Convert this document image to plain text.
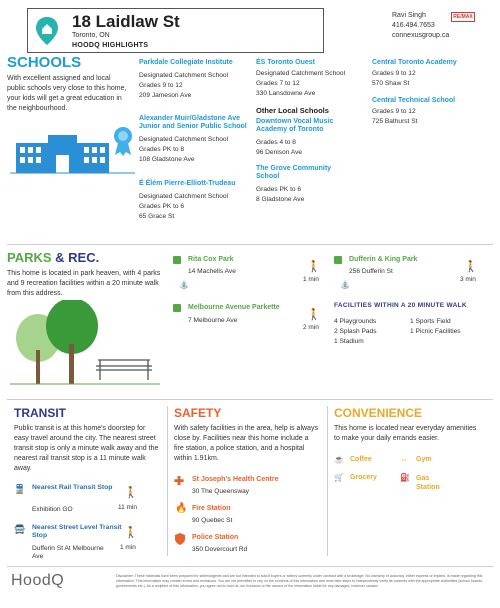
18 Laidlaw St
Toronto, ON
HOODQ HIGHLIGHTS
Ravi Singh
416.494.7653
connexusgroup.ca
RE/MAX
SCHOOLS
With excellent assigned and local public schools very close to this home, your kids will get a great education in the neighbourhood.
Parkdale Collegiate Institute
Designated Catchment School
Grades 9 to 12
209 Jameson Ave
Alexander Muir/Gladstone Ave Junior and Senior Public School
Designated Catchment School
Grades PK to 8
108 Gladstone Ave
É Élém Pierre-Elliott-Trudeau
Designated Catchment School
Grades PK to 6
65 Grace St
ÉS Toronto Ouest
Designated Catchment School
Grades 7 to 12
330 Lansdowne Ave
Other Local Schools
Downtown Vocal Music Academy of Toronto
Grades 4 to 8
96 Denison Ave
The Grove Community School
Grades PK to 6
8 Gladstone Ave
Central Toronto Academy
Grades 9 to 12
570 Shaw St
Central Technical School
Grades 9 to 12
725 Bathurst St
PARKS & REC.
This home is located in park heaven, with 4 parks and 9 recreation facilities within a 20 minute walk from this address.
Rita Cox Park
14 Machells Ave
⛲
🚶
1 min
Melbourne Avenue Parkette
7 Melbourne Ave	🚶
2 min
Dufferin & King Park
256 Dufferin St
⛲
🚶
3 min
FACILITIES WITHIN A 20 MINUTE WALK
4 Playgrounds	1 Sports Field
2 Splash Pads	1 Picnic Facilities
1 Stadium
TRANSIT
Public transit is at this home's doorstep for easy travel around the city. The nearest street transit stop is only a minute walk away and the nearest rail transit stop is a 11 minute walk away.
🚆 Nearest Rail Transit Stop
Exhibition GO
🚶
11 min
🚍 Nearest Street Level Transit Stop
Dufferin St At Melbourne Ave
🚶
1 min
SAFETY
With safety facilities in the area, help is always close by. Facilities near this home include a fire station, a police station, and a hospital within 1.91km.
✚ St Joseph's Health Centre
30 The Queensway
🔥 Fire Station
90 Quebec St
Police Station
350 Dovercourt Rd
CONVENIENCE
This home is located near everyday amenities to make your daily errands easier.
☕ Coffee	⇔ Gym
🛒 Grocery	⛽ Gas Station
HoodQ	Disclaimer: These materials have been prepared for sellers/agents and are not intended to solicit buyers or sellers currently under contract with a brokerage. No warranty of accuracy, either express or implied, is made regarding this information. This information may contain errors and omissions. You are not permitted to rely on the contents of this information and must take steps to independently verify its contents with the appropriate authorities (school boards, governments etc.). As a recipient of this information, you agree not to hold us, our licensors or the owners of the information liable for any damages, however caused.
